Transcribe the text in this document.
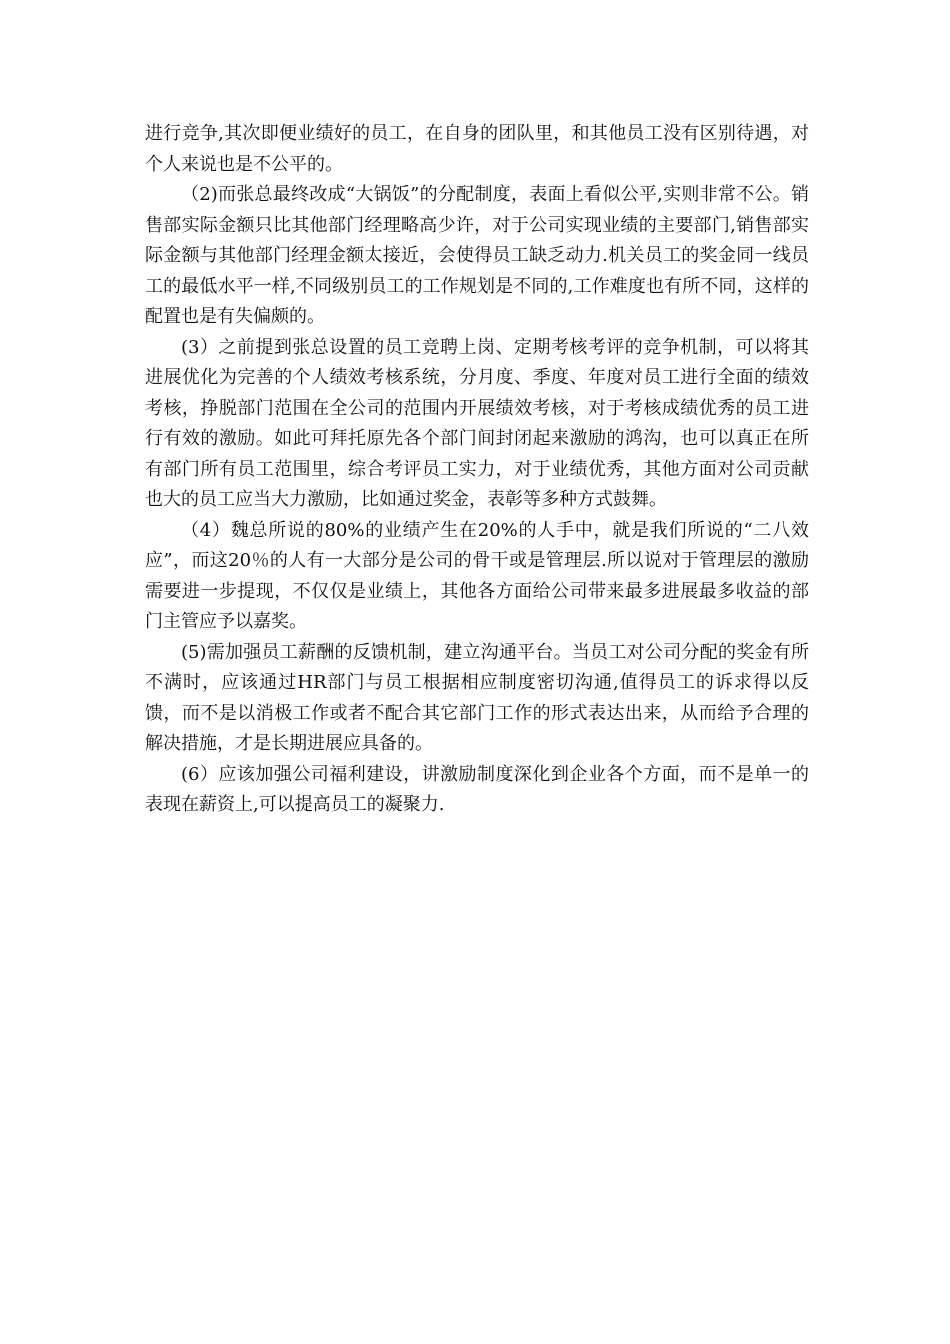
进行竞争,其次即便业绩好的员工，在自身的团队里，和其他员工没有区别待遇，对个人来说也是不公平的。

（2)而张总最终改成“大锅饭”的分配制度，表面上看似公平,实则非常不公。销售部实际金额只比其他部门经理略高少许，对于公司实现业绩的主要部门,销售部实际金额与其他部门经理金额太接近，会使得员工缺乏动力.机关员工的奖金同一线员工的最低水平一样,不同级别员工的工作规划是不同的,工作难度也有所不同，这样的配置也是有失偏颇的。

(3）之前提到张总设置的员工竞聘上岗、定期考核考评的竞争机制，可以将其进展优化为完善的个人绩效考核系统，分月度、季度、年度对员工进行全面的绩效考核，挣脱部门范围在全公司的范围内开展绩效考核，对于考核成绩优秀的员工进行有效的激励。如此可拜托原先各个部门间封闭起来激励的鸿沟，也可以真正在所有部门所有员工范围里，综合考评员工实力，对于业绩优秀，其他方面对公司贡献也大的员工应当大力激励，比如通过奖金，表彰等多种方式鼓舞。

（4）魏总所说的80%的业绩产生在20%的人手中，就是我们所说的“二八效应”，而这20％的人有一大部分是公司的骨干或是管理层.所以说对于管理层的激励需要进一步提现，不仅仅是业绩上，其他各方面给公司带来最多进展最多收益的部门主管应予以嘉奖。

(5)需加强员工薪酬的反馈机制，建立沟通平台。当员工对公司分配的奖金有所不满时，应该通过HR部门与员工根据相应制度密切沟通,值得员工的诉求得以反馈，而不是以消极工作或者不配合其它部门工作的形式表达出来，从而给予合理的解决措施，才是长期进展应具备的。

(6）应该加强公司福利建设，讲激励制度深化到企业各个方面，而不是单一的表现在薪资上,可以提高员工的凝聚力.
